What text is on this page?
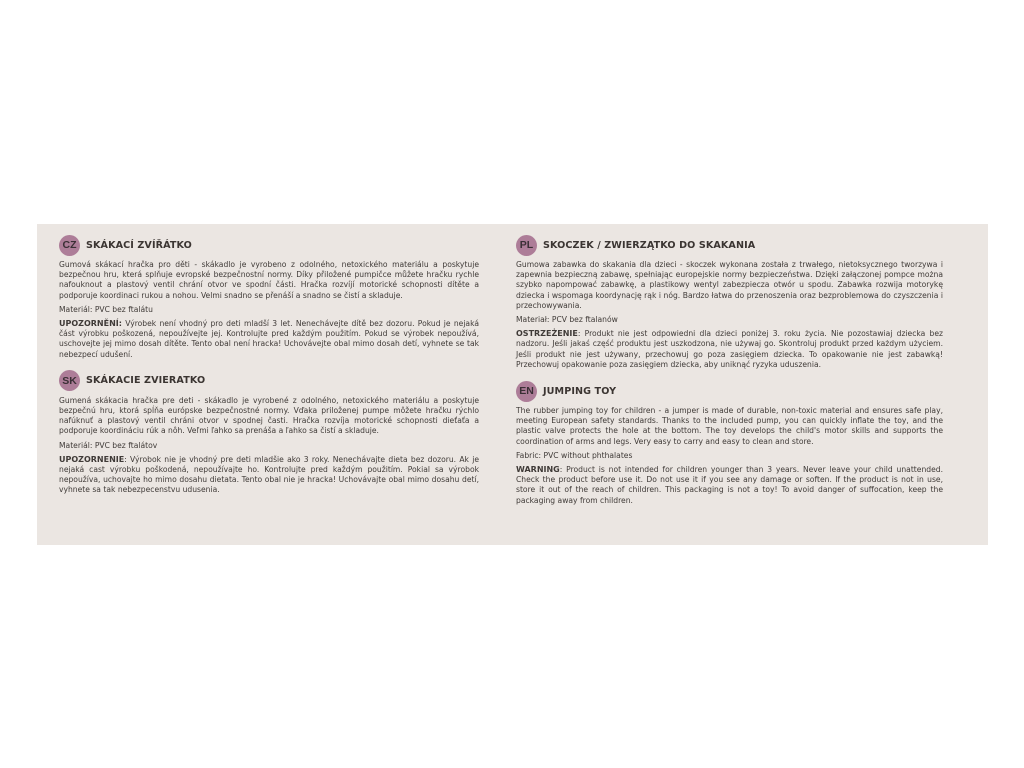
CZ SKÁKACÍ ZVÍŘÁTKO

Gumová skákací hračka pro děti - skákadlo je vyrobeno z odolného, netoxického materiálu a poskytuje bezpečnou hru, která splňuje evropské bezpečnostní normy. Díky přiložené pumpičce můžete hračku rychle nafouknout a plastový ventil chrání otvor ve spodní části. Hračka rozvíjí motorické schopnosti dítěte a podporuje koordinaci rukou a nohou. Velmi snadno se přenáší a snadno se čistí a skladuje.

Materiál: PVC bez ftalátu

UPOZORNĚNÍ: Výrobek není vhodný pro deti mladší 3 let. Nenechávejte dítě bez dozoru. Pokud je nejaká část výrobku poškozená, nepoužívejte jej. Kontrolujte pred každým použitím. Pokud se výrobek nepoužívá, uschovejte jej mimo dosah dítěte. Tento obal není hracka! Uchovávejte obal mimo dosah detí, vyhnete se tak nebezpecí udušení.

SK SKÁKACIE ZVIERATKO

Gumená skákacia hračka pre deti - skákadlo je vyrobené z odolného, netoxického materiálu a poskytuje bezpečnú hru, ktorá spĺňa európske bezpečnostné normy. Vďaka priloženej pumpe môžete hračku rýchlo nafúknuť a plastový ventil chráni otvor v spodnej časti. Hračka rozvíja motorické schopnosti dieťaťa a podporuje koordináciu rúk a nôh. Veľmi ľahko sa prenáša a ľahko sa čistí a skladuje.

Materiál: PVC bez ftalátov

UPOZORNENIE: Výrobok nie je vhodný pre deti mladšie ako 3 roky. Nenechávajte dieta bez dozoru. Ak je nejaká cast výrobku poškodená, nepoužívajte ho. Kontrolujte pred každým použitím. Pokial sa výrobok nepoužíva, uchovajte ho mimo dosahu dietata. Tento obal nie je hracka! Uchovávajte obal mimo dosahu detí, vyhnete sa tak nebezpecenstvu udusenia.

PL	SKOCZEK / ZWIERZĄTKO DO SKAKANIA

Gumowa zabawka do skakania dla dzieci - skoczek wykonana została z trwałego, nietoksycznego tworzywa i zapewnia bezpieczną zabawę, spełniając europejskie normy bezpieczeństwa. Dzięki załączonej pompce można szybko napompować zabawkę, a plastikowy wentyl zabezpiecza otwór u spodu. Zabawka rozwija motorykę dziecka i wspomaga koordynację rąk i nóg. Bardzo łatwa do przenoszenia oraz bezproblemowa do czyszczenia i przechowywania.

Materiał: PCV bez ftalanów

OSTRZEŻENIE: Produkt nie jest odpowiedni dla dzieci poniżej 3. roku życia. Nie pozostawiaj dziecka bez nadzoru. Jeśli jakaś część produktu jest uszkodzona, nie używaj go. Skontroluj produkt przed każdym użyciem. Jeśli produkt nie jest używany, przechowuj go poza zasięgiem dziecka. To opakowanie nie jest zabawką! Przechowuj opakowanie poza zasięgiem dziecka, aby uniknąć ryzyka uduszenia.

EN JUMPING TOY

The rubber jumping toy for children - a jumper is made of durable, non-toxic material and ensures safe play, meeting European safety standards. Thanks to the included pump, you can quickly inflate the toy, and the plastic valve protects the hole at the bottom. The toy develops the child's motor skills and supports the coordination of arms and legs. Very easy to carry and easy to clean and store.

Fabric: PVC without phthalates

WARNING: Product is not intended for children younger than 3 years. Never leave your child unattended. Check the product before use it. Do not use it if you see any damage or soften. If the product is not in use, store it out of the reach of children. This packaging is not a toy! To avoid danger of suffocation, keep the packaging away from children.
